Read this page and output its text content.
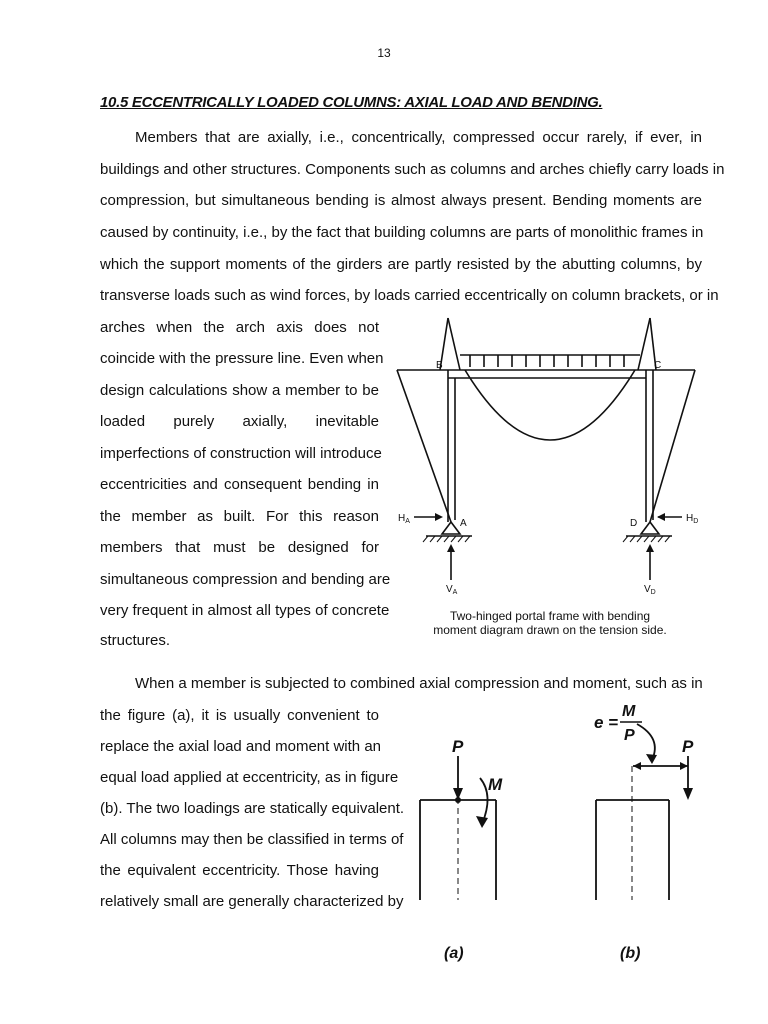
13
10.5 ECCENTRICALLY LOADED COLUMNS: AXIAL LOAD AND BENDING.
Members that are axially, i.e., concentrically, compressed occur rarely, if ever, in
buildings and other structures. Components such as columns and arches chiefly carry loads in
compression, but simultaneous bending is almost always present. Bending moments are
caused by continuity, i.e., by the fact that building columns are parts of monolithic frames in
which the support moments of the girders are partly resisted by the abutting columns, by
transverse loads such as wind forces, by loads carried eccentrically on column brackets, or in
arches when the arch axis does not
coincide with the pressure line. Even when
design calculations show a member to be
loaded purely axially, inevitable
imperfections of construction will introduce
eccentricities and consequent bending in
the member as built. For this reason
members that must be designed for
simultaneous compression and bending are
very frequent in almost all types of concrete
structures.
When a member is subjected to combined axial compression and moment, such as in
the figure (a), it is usually convenient to
replace the axial load and moment with an
equal load applied at eccentricity, as in figure
(b). The two loadings are statically equivalent.
All columns may then be classified in terms of
the equivalent eccentricity. Those having
relatively small are generally characterized by
B	C
A	D
$H_A$	$H_D$
$V_A$	$V_D$
Two-hinged portal frame with bending
moment diagram drawn on the tension side.
P
M
P
e =
M
P
(a)	(b)
